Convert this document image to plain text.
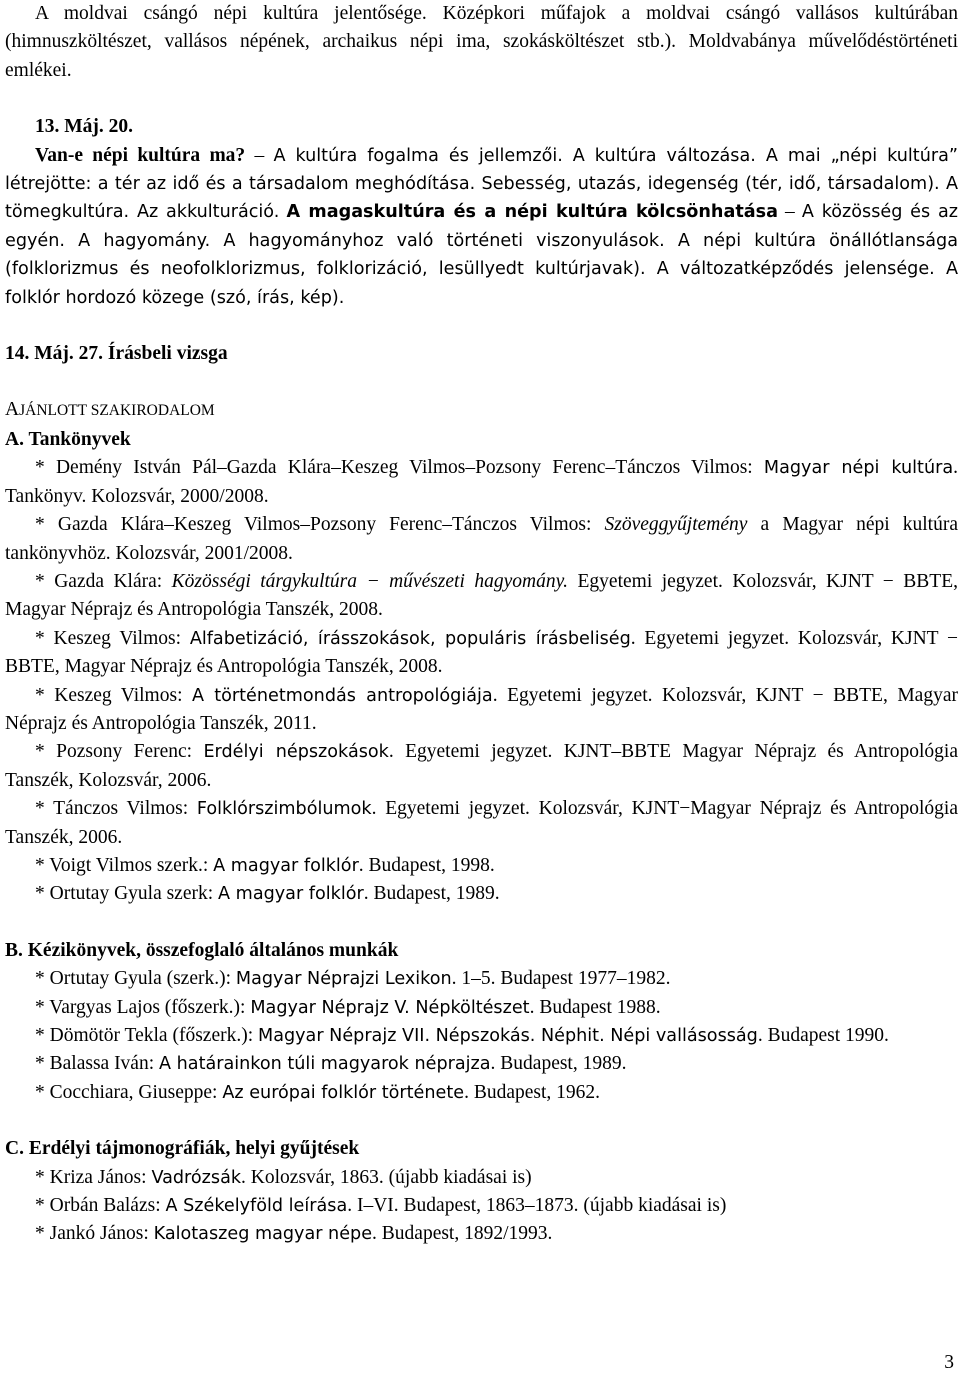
A moldvai csángó népi kultúra jelentősége. Középkori műfajok a moldvai csángó vallásos kultúrában (himnuszköltészet, vallásos népének, archaikus népi ima, szokásköltészet stb.). Moldvabánya művelődéstörténeti emlékei.

13. Máj. 20.

Van-e népi kultúra ma? – A kultúra fogalma és jellemzői. A kultúra változása. A mai „népi kultúra” létrejötte: a tér az idő és a társadalom meghódítása. Sebesség, utazás, idegenség (tér, idő, társadalom). A tömegkultúra. Az akkulturáció. A magaskultúra és a népi kultúra kölcsönhatása – A közösség és az egyén. A hagyomány. A hagyományhoz való történeti viszonyulások. A népi kultúra önállótlansága (folklorizmus és neofolklorizmus, folklorizáció, lesüllyedt kultúrjavak). A változatképződés jelensége. A folklór hordozó közege (szó, írás, kép).

14. Máj. 27. Írásbeli vizsga

AJÁNLOTT SZAKIRODALOM

A. Tankönyvek

* Demény István Pál–Gazda Klára–Keszeg Vilmos–Pozsony Ferenc–Tánczos Vilmos: Magyar népi kultúra. Tankönyv. Kolozsvár, 2000/2008.

* Gazda Klára–Keszeg Vilmos–Pozsony Ferenc–Tánczos Vilmos: Szöveggyűjtemény a Magyar népi kultúra tankönyvhöz. Kolozsvár, 2001/2008.

* Gazda Klára: Közösségi tárgykultúra − művészeti hagyomány. Egyetemi jegyzet. Kolozsvár, KJNT − BBTE, Magyar Néprajz és Antropológia Tanszék, 2008.

* Keszeg Vilmos: Alfabetizáció, írásszokások, populáris írásbeliség. Egyetemi jegyzet. Kolozsvár, KJNT − BBTE, Magyar Néprajz és Antropológia Tanszék, 2008.

* Keszeg Vilmos: A történetmondás antropológiája. Egyetemi jegyzet. Kolozsvár, KJNT − BBTE, Magyar Néprajz és Antropológia Tanszék, 2011.

* Pozsony Ferenc: Erdélyi népszokások. Egyetemi jegyzet. KJNT–BBTE Magyar Néprajz és Antropológia Tanszék, Kolozsvár, 2006.

* Tánczos Vilmos: Folklórszimbólumok. Egyetemi jegyzet. Kolozsvár, KJNT−Magyar Néprajz és Antropológia Tanszék, 2006.

* Voigt Vilmos szerk.: A magyar folklór. Budapest, 1998.

* Ortutay Gyula szerk: A magyar folklór. Budapest, 1989.

B. Kézikönyvek, összefoglaló általános munkák

* Ortutay Gyula (szerk.): Magyar Néprajzi Lexikon. 1–5. Budapest 1977–1982.

* Vargyas Lajos (főszerk.): Magyar Néprajz V. Népköltészet. Budapest 1988.

* Dömötör Tekla (főszerk.): Magyar Néprajz VII. Népszokás. Néphit. Népi vallásosság. Budapest 1990.

* Balassa Iván: A határainkon túli magyarok néprajza. Budapest, 1989.

* Cocchiara, Giuseppe: Az európai folklór története. Budapest, 1962.

C. Erdélyi tájmonográfiák, helyi gyűjtések

* Kriza János: Vadrózsák. Kolozsvár, 1863. (újabb kiadásai is)

* Orbán Balázs: A Székelyföld leírása. I–VI. Budapest, 1863–1873. (újabb kiadásai is)

* Jankó János: Kalotaszeg magyar népe. Budapest, 1892/1993.

3
